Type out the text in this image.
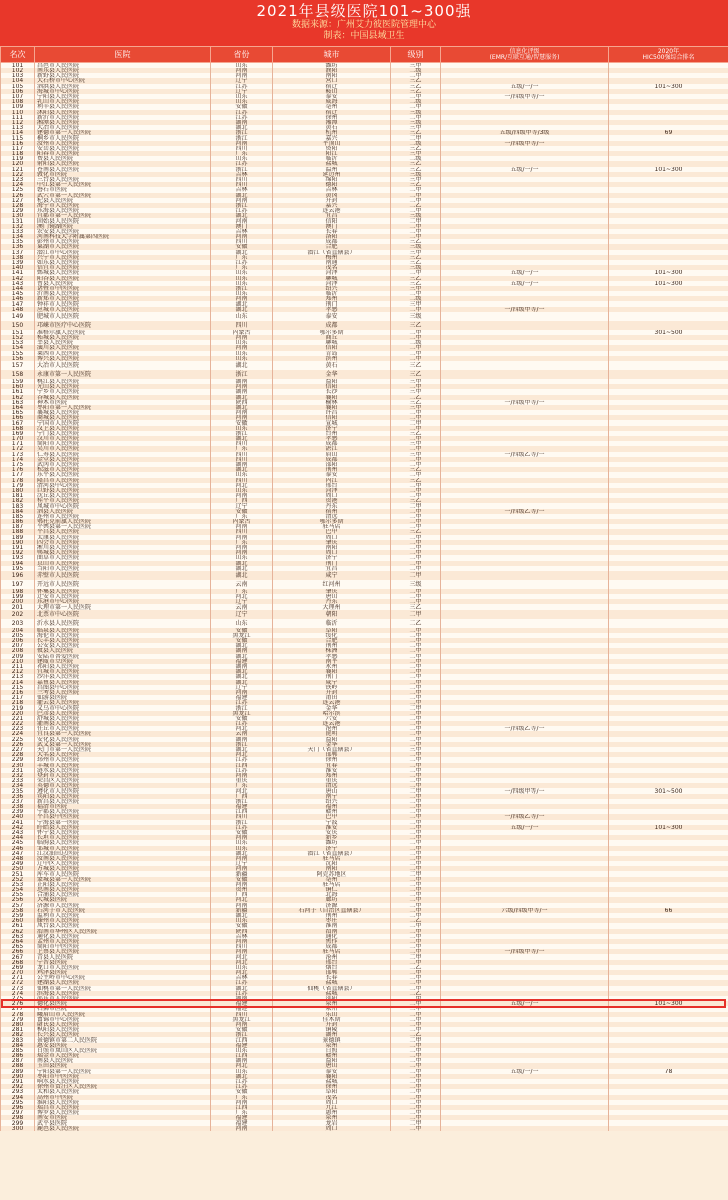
2021年县级医院101~300强
数据来源：广州艾力彼医院管理中心
制表：中国县域卫生
名次	医院	省份	城市	级别	信息化评级
(EMR/互联互通/智慧服务)	2020年
HIC500强综合排名
101	昌邑市人民医院	山东	潍坊	三甲		
102	南乐县人民医院	河南	濮阳	二级		
103	新野县人民医院	河南	南阳	二甲		
104	大石桥市中心医院	辽宁	营口	三乙		
105	泗洪县人民医院	江苏	宿迁	三乙	五级/一/一	101~300
106	海城市中心医院	辽宁	鞍山	三乙		
107	宁阳县人民医院	山东	泰安	二甲	一/四级甲等/一	
108	乳山市人民医院	山东	威海	二级		
109	利辛县人民医院	安徽	亳州	二甲		
110	沭阳县人民医院	江苏	宿迁	三级		
111	新沂市人民医院	江苏	徐州	二甲		
112	湘潭县人民医院	湖南	湘潭	三级		
113	大冶市人民医院	湖北	黄石	三甲		
114	建德市第一人民医院	浙江	杭州	三乙	五级/四级甲等/3级	69
115	桐乡市人民医院	浙江	嘉兴	二甲		
116	汝州市人民医院	河南	平顶山	二级	一/四级甲等/一	
117	安岳县人民医院	四川	资阳	三乙		
118	阳春市人民医院	广东	阳江	三甲		
119	费县人民医院	山东	临沂	二级		
120	射阳县人民医院	江苏	盐城	三乙		
121	苍南县人民医院	浙江	温州	三乙	五级/一/一	101~300
122	敦化市医院	吉林	延边州	三级		
123	三台县人民医院	四川	绵阳	三甲		
124	中江县第一人民医院	四川	德阳	三乙		
125	磐石市医院	吉林	吉林	二甲		
126	武穴市第一人民医院	湖北	黄冈	二甲		
127	杞县人民医院	河南	开封	二甲		
128	海宁市人民医院	浙江	嘉兴	二乙		
129	东海县人民医院	江苏	连云港	二甲		
130	宜都市第一人民医院	湖北	宜昌	三级		
131	固始县人民医院	河南	信阳	二甲		
132	澳门镜湖医院	澳门	澳门	二甲		
133	农安县人民医院	吉林	长春	二甲		
134	河南科技大学附属第四医院	河南	洛阳	二甲		
135	彭州市人民医院	四川	成都	三乙		
136	巢湖市人民医院	安徽	合肥	三级		
137	潜江市中心医院	湖北	潜江（省直辖县）	三甲		
138	兴宁市人民医院	广东	梅州	三乙		
139	如东县人民医院	江苏	南通	三乙		
140	信宜市人民医院	广东	茂名	三级		
141	鄄城县人民医院	山东	菏泽	二甲	五级/一/一	101~300
142	阳谷县人民医院	山东	聊城	三乙		
143	曹县人民医院	山东	菏泽	三乙	五级/一/一	101~300
144	诸暨市中医医院	浙江	绍兴	三甲		
145	沂南县人民医院	山东	临沂	二甲		
146	新郑市人民医院	河南	郑州	二级		
147	钟祥市人民医院	湖北	荆门	三甲		
148	应城市人民医院	湖北	孝感	二甲	一/四级甲等/一	
149	肥城市人民医院	山东	泰安	三级		
150	邛崃市医疗中心医院	四川	成都	三乙		
151	准格尔旗人民医院	内蒙古	鄂尔多斯	二甲		301~500
152	柘城县人民医院	河南	商丘	二甲		
153	莘县人民医院	山东	聊城	二级		
154	潢川县人民医院	河南	信阳	二甲		
155	莱西市人民医院	山东	青岛	二甲		
156	博兴县人民医院	山东	滨州	二甲		
157	大冶市人民医院	湖北	黄石	三乙		
158	永康市第一人民医院	浙江	金华	三乙		
159	桃江县人民医院	湖南	益阳	三甲		
160	光山县人民医院	河南	信阳	二甲		
161	宁乡市人民医院	湖南	长沙	三甲		
162	谷城县人民医院	湖北	襄阳	二乙		
163	神木市医院	陕西	榆林	三乙	一/四级甲等/一	
164	枣阳市第一人民医院	湖北	襄阳	三甲		
165	襄城县人民医院	河南	许昌	二甲		
166	商城县人民医院	河南	信阳	二甲		
167	宁国市人民医院	安徽	宣城	二甲		
168	汶上县人民医院	山东	济宁	二甲		
169	宁门县人民医院	浙江	台州	三乙		
170	汉川市人民医院	湖北	孝感	二甲		
171	简阳市人民医院	四川	成都	三甲		
172	吴川市人民医院	广东	湛江	二甲		
173	仁寿县人民医院	四川	眉山	三甲	一/四级乙等/一	
174	金堂县人民医院	四川	成都	二甲		
175	武冈市人民医院	湖南	邵阳	二甲		
176	松滋市人民医院	湖北	荆州	三乙		
177	东平县人民医院	山东	泰安	二甲		
178	隆昌市人民医院	四川	内江	三乙		
179	清河县中心医院	河北	邢台	二甲		
180	巨野县人民医院	山东	菏泽	二甲		
181	沈丘县人民医院	河南	周口	二甲		
182	桂平市人民医院	广西	贵港	三乙		
183	凤城市中心医院	辽宁	丹东	二甲		
184	泗县人民医院	安徽	宿州	二甲	一/四级乙等/一	
185	连州市人民医院	广东	清远	二甲		
186	鄂托克前旗人民医院	内蒙古	鄂尔多斯	二甲		
187	平舆县第一人民医院	河南	驻马店	二甲		
188	平昌县人民医院	四川	巴中	三乙		
189	太康县人民医院	河南	周口	二甲		
190	四会市人民医院	广东	肇庆	二甲		
191	淅川县人民医院	河南	南阳	二甲		
192	郸城县人民医院	河南	周口	二甲		
193	曲阜市人民医院	山东	济宁	二甲		
194	京山市人民医院	湖北	荆门	二甲		
195	当阳市人民医院	湖北	宜昌	二甲		
196	赤壁市人民医院	湖北	咸宁	二甲		
197	开远市人民医院	云南	红河州	三级		
198	怀集县人民医院	广东	肇庆	二甲		
199	迁安市人民医院	河北	唐山	二甲		
200	东港市中心医院	辽宁	丹东	二甲		
201	大理市第一人民医院	云南	大理州	三乙		
202	北票市中心医院	辽宁	朝阳	二甲		
203	沂水县人民医院	山东	临沂	二乙		
204	临泉县人民医院	安徽	阜阳	二甲		
205	海伦市人民医院	黑龙江	绥化	二甲		
206	长丰县人民医院	安徽	合肥	二甲		
207	公安县人民医院	湖北	荆州	二甲		
208	攸县人民医院	湖南	株洲	二甲		
209	安陆市普爱医院	湖北	孝感	二甲		
210	建瓯市立医院	福建	南平	二甲		
211	祁阳县人民医院	湖南	永州	二甲		
212	宜城市人民医院	湖北	襄阳	二甲		
213	沙洋县人民医院	湖北	荆门	二甲		
214	嘉鱼县人民医院	湖北	咸宁	二甲		
215	昌图县中心医院	辽宁	铁岭	二甲		
216	兰考县人民医院	河南	开封	二甲		
217	仙游县医院	福建	莆田	二甲		
218	灌云县人民医院	江苏	连云港	二甲		
219	义乌市中心医院	浙江	金华	二甲		
220	巴彦县人民医院	黑龙江	哈尔滨	二甲		
221	舒城县人民医院	安徽	六安	二甲		
222	灌南县人民医院	江苏	连云港	二甲		
223	任丘市人民医院	河北	沧州	二甲	一/四级乙等/一	
224	宜良县第一人民医院	云南	昆明	二甲		
225	安化县人民医院	湖南	益阳	二甲		
226	武义县第一人民医院	浙江	金华	二甲		
227	天门市第一人民医院	湖北	天门（省直辖县）	三甲		
228	大名县人民医院	河北	邯郸	二甲		
229	邳州市人民医院	江苏	徐州	二甲		
230	丰城市人民医院	江西	宜春	二甲		
231	涟水县人民医院	江苏	淮安	二甲		
232	登封市人民医院	河南	郑州	二甲		
233	荣昌区人民医院	重庆	重庆	二甲		
234	英德市人民医院	广东	清远	二甲		
235	遵化市人民医院	河北	唐山	二甲	一/四级甲等/一	301~500
236	宾阳县人民医院	广西	南宁	二甲		
237	新昌县人民医院	浙江	绍兴	二甲		
238	福清市医院	福建	福州	二甲		
239	宁都县人民医院	江西	赣州	二甲		
240	平昌县中医医院	四川	巴中	二甲	一/四级乙等/一	
241	宁海县第一医院	浙江	宁波	二甲		
242	盱眙县人民医院	江苏	淮安	二甲	五级/一/一	101~300
243	怀宁县人民医院	安徽	安庆	二甲		
244	长垣市人民医院	河南	新乡	二甲		
245	临朐县人民医院	山东	潍坊	二甲		
246	邹城市人民医院	山东	济宁	二甲		
247	江汉油田总医院	湖北	潜江（省直辖县）	二甲		
248	汝南县人民医院	河南	驻马店	二甲		
249	辽中区人民医院	辽宁	沈阳	二甲		
250	方城县人民医院	河南	南阳	二甲		
251	库车市人民医院	新疆	阿克苏地区	二甲		
252	蒙城县第一人民医院	安徽	亳州	二甲		
253	正阳县人民医院	河南	驻马店	二甲		
254	思南县人民医院	贵州	铜仁	二甲		
255	合浦县人民医院	广西	北海	二甲		
256	大城县医院	河北	廊坊	二甲		
257	济源市人民医院	河南	济源	二甲		
258	石河子市人民医院	新疆	石河子（自治区直辖县）	二甲	六级/四级甲等/一	66
259	监利市人民医院	湖北	荆州	二甲		
260	滕州市人民医院	山东	枣庄	二乙		
261	凤台县人民医院	安徽	淮南	二甲		
262	渭南市华州区人民医院	陕西	渭南	二甲		
263	通化县人民医院	吉林	通化	二甲		
264	孟州市人民医院	河南	焦作	二甲		
265	简阳市中医医院	四川	成都	二甲		
266	上蔡县人民医院	河南	驻马店	二甲	一/四级甲等/一	
267	青县人民医院	河北	沧州	二甲		
268	宁晋县医院	河北	邢台	二甲		
269	龙口市人民医院	山东	烟台	二乙		
270	鸡泽县医院	河北	邯郸	二甲		
271	公主岭市中心医院	吉林	长春	二甲		
272	建湖县人民医院	江苏	盐城	二甲		
273	仙桃市第一人民医院	湖北	仙桃（省直辖县）	二甲		
274	滨海县人民医院	江苏	盐城	二乙		
275	邵东市人民医院	湖南	邵阳	二甲		
276	德化县医院	福建	泉州	二甲	五级/一/一	101~300
277	石狮市医院	福建	泉州	二甲		
278	峨眉山市人民医院	四川	乐山	二甲		
279	富锦市中心医院	黑龙江	佳木斯	二甲		
280	尉氏县人民医院	河南	开封	二甲		
281	枞阳县人民医院	安徽	铜陵	二甲		
282	长兴县人民医院	浙江	湖州	二乙		
283	景德镇市第二人民医院	江西	景德镇	二甲		
284	惠安县医院	福建	泉州	二甲		
285	日照市岚山区人民医院	山东	日照	二甲		
286	瑞金市人民医院	江西	赣州	二甲		
287	南县人民医院	湖南	益阳	二甲		
288	玉田县医院	河北	唐山	二甲		
289	宁阳县第一人民医院	山东	泰安	二甲	五级/一/一	78
290	枣阳市中医医院	湖北	襄阳	二甲		
291	响水县人民医院	江苏	盐城	二甲		
292	徐州市贾汪区人民医院	江苏	徐州	二甲		
293	太和县人民医院	安徽	阜阳	二甲		
294	高州市中医院	广东	茂名	二甲		
295	淮阳县人民医院	河南	周口	二甲		
296	瑞昌市人民医院	江西	九江	二甲		
297	博罗县人民医院	广东	惠州	二甲		
298	南安市医院	福建	泉州	二甲		
299	武平县医院	福建	龙岩	二甲		
300	鹿邑县人民医院	河南	周口	二甲		
